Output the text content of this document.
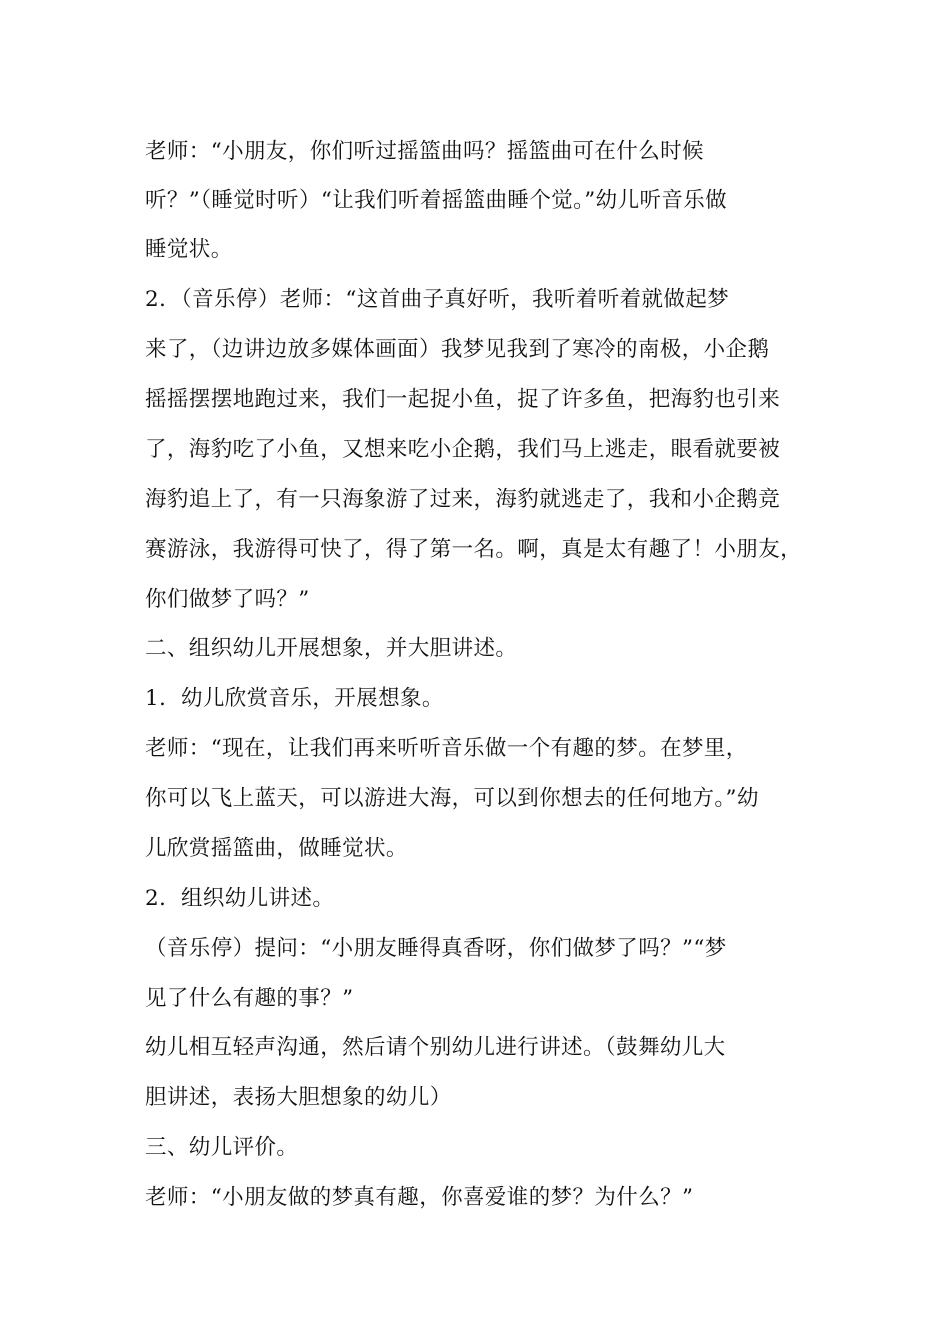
老师：“小朋友，你们听过摇篮曲吗？摇篮曲可在什么时候
听？”（睡觉时听）“让我们听着摇篮曲睡个觉。”幼儿听音乐做
睡觉状。
2．（音乐停）老师：“这首曲子真好听，我听着听着就做起梦
来了，（边讲边放多媒体画面）我梦见我到了寒冷的南极，小企鹅
摇摇摆摆地跑过来，我们一起捉小鱼，捉了许多鱼，把海豹也引来
了，海豹吃了小鱼，又想来吃小企鹅，我们马上逃走，眼看就要被
海豹追上了，有一只海象游了过来，海豹就逃走了，我和小企鹅竞
赛游泳，我游得可快了，得了第一名。啊，真是太有趣了！小朋友，
你们做梦了吗？”
二、组织幼儿开展想象，并大胆讲述。
1．幼儿欣赏音乐，开展想象。
老师：“现在，让我们再来听听音乐做一个有趣的梦。在梦里，
你可以飞上蓝天，可以游进大海，可以到你想去的任何地方。”幼
儿欣赏摇篮曲，做睡觉状。
2．组织幼儿讲述。
（音乐停）提问：“小朋友睡得真香呀，你们做梦了吗？”“梦
见了什么有趣的事？”
幼儿相互轻声沟通，然后请个别幼儿进行讲述。（鼓舞幼儿大
胆讲述，表扬大胆想象的幼儿）
三、幼儿评价。
老师：“小朋友做的梦真有趣，你喜爱谁的梦？为什么？”
